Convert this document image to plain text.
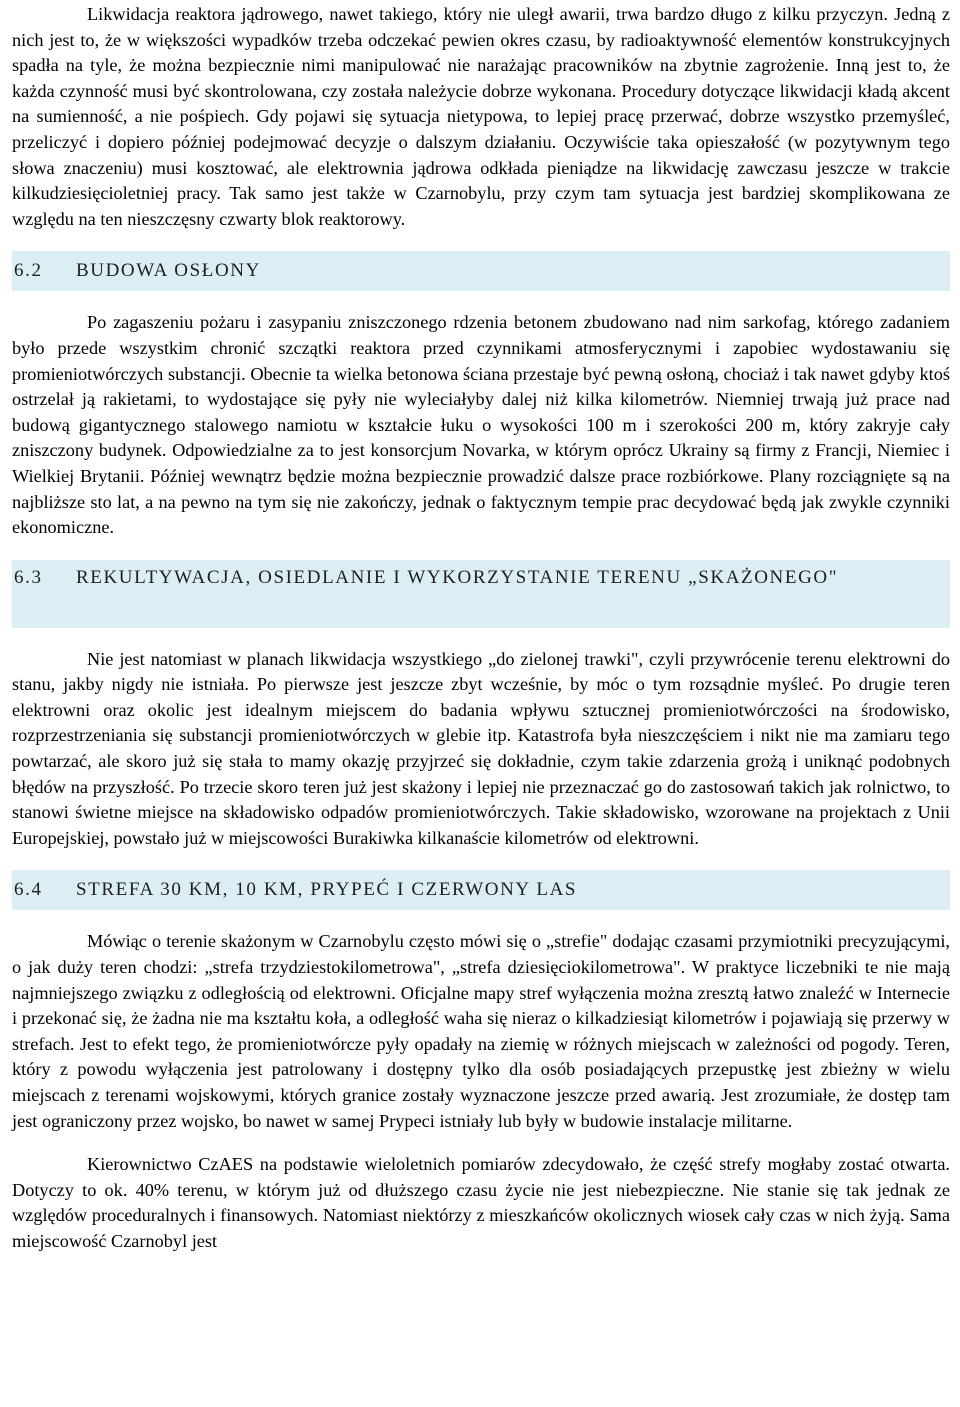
Likwidacja reaktora jądrowego, nawet takiego, który nie uległ awarii, trwa bardzo długo z kilku przyczyn. Jedną z nich jest to, że w większości wypadków trzeba odczekać pewien okres czasu, by radioaktywność elementów konstrukcyjnych spadła na tyle, że można bezpiecznie nimi manipulować nie narażając pracowników na zbytnie zagrożenie. Inną jest to, że każda czynność musi być skontrolowana, czy została należycie dobrze wykonana. Procedury dotyczące likwidacji kładą akcent na sumienność, a nie pośpiech. Gdy pojawi się sytuacja nietypowa, to lepiej pracę przerwać, dobrze wszystko przemyśleć, przeliczyć i dopiero później podejmować decyzje o dalszym działaniu. Oczywiście taka opieszałość (w pozytywnym tego słowa znaczeniu) musi kosztować, ale elektrownia jądrowa odkłada pieniądze na likwidację zawczasu jeszcze w trakcie kilkudziesięcioletniej pracy. Tak samo jest także w Czarnobylu, przy czym tam sytuacja jest bardziej skomplikowana ze względu na ten nieszczęsny czwarty blok reaktorowy.

6.2	BUDOWA OSŁONY

Po zagaszeniu pożaru i zasypaniu zniszczonego rdzenia betonem zbudowano nad nim sarkofag, którego zadaniem było przede wszystkim chronić szczątki reaktora przed czynnikami atmosferycznymi i zapobiec wydostawaniu się promieniotwórczych substancji. Obecnie ta wielka betonowa ściana przestaje być pewną osłoną, chociaż i tak nawet gdyby ktoś ostrzelał ją rakietami, to wydostające się pyły nie wyleciałyby dalej niż kilka kilometrów. Niemniej trwają już prace nad budową gigantycznego stalowego namiotu w kształcie łuku o wysokości 100 m i szerokości 200 m, który zakryje cały zniszczony budynek. Odpowiedzialne za to jest konsorcjum Novarka, w którym oprócz Ukrainy są firmy z Francji, Niemiec i Wielkiej Brytanii. Później wewnątrz będzie można bezpiecznie prowadzić dalsze prace rozbiórkowe. Plany rozciągnięte są na najbliższe sto lat, a na pewno na tym się nie zakończy, jednak o faktycznym tempie prac decydować będą jak zwykle czynniki ekonomiczne.

6.3	REKULTYWACJA, OSIEDLANIE I WYKORZYSTANIE TERENU „SKAŻONEGO"

Nie jest natomiast w planach likwidacja wszystkiego „do zielonej trawki", czyli przywrócenie terenu elektrowni do stanu, jakby nigdy nie istniała. Po pierwsze jest jeszcze zbyt wcześnie, by móc o tym rozsądnie myśleć. Po drugie teren elektrowni oraz okolic jest idealnym miejscem do badania wpływu sztucznej promieniotwórczości na środowisko, rozprzestrzeniania się substancji promieniotwórczych w glebie itp. Katastrofa była nieszczęściem i nikt nie ma zamiaru tego powtarzać, ale skoro już się stała to mamy okazję przyjrzeć się dokładnie, czym takie zdarzenia grożą i uniknąć podobnych błędów na przyszłość. Po trzecie skoro teren już jest skażony i lepiej nie przeznaczać go do zastosowań takich jak rolnictwo, to stanowi świetne miejsce na składowisko odpadów promieniotwórczych. Takie składowisko, wzorowane na projektach z Unii Europejskiej, powstało już w miejscowości Burakiwka kilkanaście kilometrów od elektrowni.

6.4	STREFA 30 KM, 10 KM, PRYPEĆ I CZERWONY LAS

Mówiąc o terenie skażonym w Czarnobylu często mówi się o „strefie" dodając czasami przymiotniki precyzującymi, o jak duży teren chodzi: „strefa trzydziestokilometrowa", „strefa dziesięciokilometrowa". W praktyce liczebniki te nie mają najmniejszego związku z odległością od elektrowni. Oficjalne mapy stref wyłączenia można zresztą łatwo znaleźć w Internecie i przekonać się, że żadna nie ma kształtu koła, a odległość waha się nieraz o kilkadziesiąt kilometrów i pojawiają się przerwy w strefach. Jest to efekt tego, że promieniotwórcze pyły opadały na ziemię w różnych miejscach w zależności od pogody. Teren, który z powodu wyłączenia jest patrolowany i dostępny tylko dla osób posiadających przepustkę jest zbieżny w wielu miejscach z terenami wojskowymi, których granice zostały wyznaczone jeszcze przed awarią. Jest zrozumiałe, że dostęp tam jest ograniczony przez wojsko, bo nawet w samej Prypeci istniały lub były w budowie instalacje militarne.

Kierownictwo CzAES na podstawie wieloletnich pomiarów zdecydowało, że część strefy mogłaby zostać otwarta. Dotyczy to ok. 40% terenu, w którym już od dłuższego czasu życie nie jest niebezpieczne. Nie stanie się tak jednak ze względów proceduralnych i finansowych. Natomiast niektórzy z mieszkańców okolicznych wiosek cały czas w nich żyją. Sama miejscowość Czarnobyl jest
